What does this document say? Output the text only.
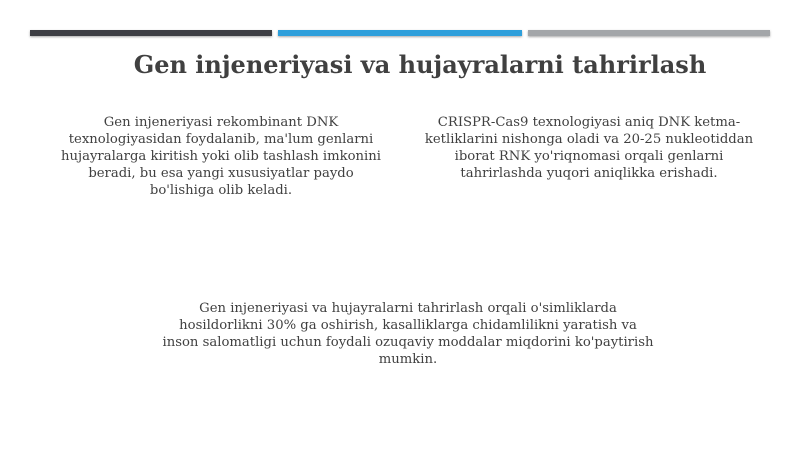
Gen injeneriyasi va hujayralarni tahrirlash
Gen injeneriyasi rekombinant DNK texnologiyasidan foydalanib, ma'lum genlarni hujayralarga kiritish yoki olib tashlash imkonini beradi, bu esa yangi xususiyatlar paydo bo'lishiga olib keladi.
CRISPR-Cas9 texnologiyasi aniq DNK ketma-ketliklarini nishonga oladi va 20-25 nukleotiddan iborat RNK yo'riqnomasi orqali genlarni tahrirlashda yuqori aniqlikka erishadi.
Gen injeneriyasi va hujayralarni tahrirlash orqali o'simliklarda hosildorlikni 30% ga oshirish, kasalliklarga chidamlilikni yaratish va inson salomatligi uchun foydali ozuqaviy moddalar miqdorini ko'paytirish mumkin.
